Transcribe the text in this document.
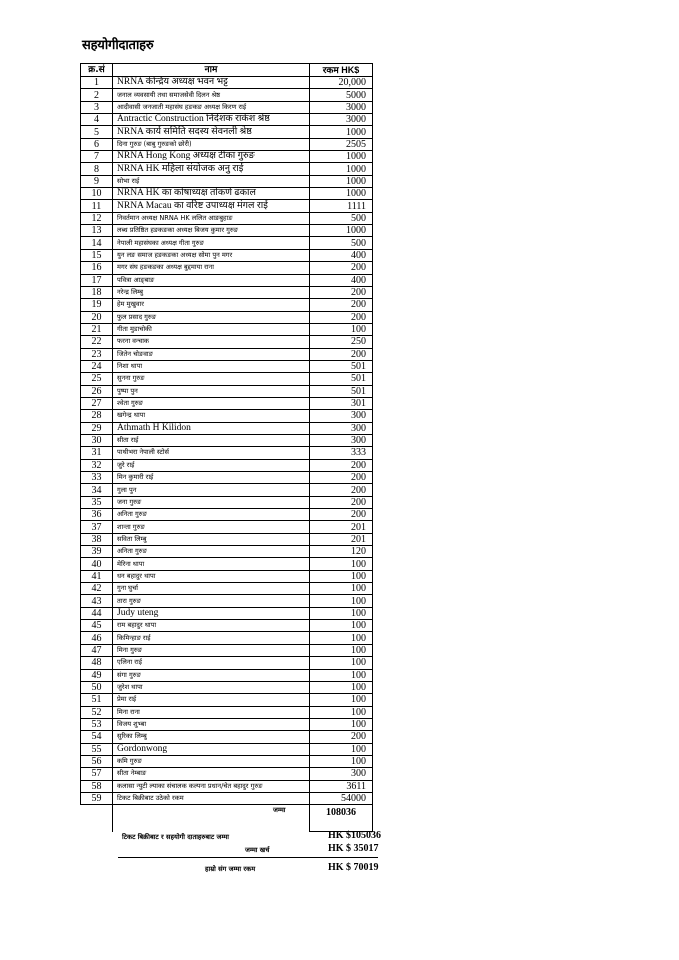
सहयोगीदाताहरु
क्र.सं	नाम	रकम HK$
1	NRNA केन्द्रिय अध्यक्ष भवन भट्ट	20,000
2	जनाल व्यवसायी तथा समाजसेवी दिलन श्रेष्ठ	5000
3	आदीवासी जनजाती महासंघ हङकङ अध्यक्ष किरण राई	3000
4	Antractic Construction निर्देशक राकेश श्रेष्ठ	3000
5	NRNA कार्य समिति सदस्य सेवनली श्रेष्ठ	1000
6	दिना गुरुङ (बाबु गुरुङको छोरी)	2505
7	NRNA Hong Kong अध्यक्ष टीका गुरुङ	1000
8	NRNA HK महिला संयोजक अनु राई	1000
9	सोभा राई	1000
10	NRNA HK का कोषाध्यक्ष तोकर्ण ढकाल	1000
11	NRNA Macau का वरिष्ट उपाध्यक्ष मंगल राई	1111
12	निवर्तमान अध्यक्ष NRNA HK ललित आङबुहाङ	500
13	लब्ध प्रतिष्ठित हङकङका अध्यक्ष बिजय कुमार गुरुङ	1000
14	नेपाली महासंघका अध्यक्ष गीता गुरुङ	500
15	युन लङ समाज हङकङका अध्यक्ष सोमा पुन मगर	400
16	मगर संघ हङकङका अध्यक्ष बुद्दमाया राना	200
17	पवित्रा आङ्बाङ	400
18	नरेन्द्र लिम्बु	200
19	हेम मुखुवार	200
20	फुल प्रसाद गुरुङ	200
21	गीता मुडाचोकी	100
22	फरना वन्चाक	250
23	जितेन चोङवाङ	200
24	निशा थापा	501
25	सुनना गुरुङ	501
26	पुष्पा पुन	501
27	श्वेता गुरुङ	301
28	खगेन्द्र थापा	300
29	Athmath H Kilidon	300
30	सीता राई	300
31	पाथीभरा नेपाली स्टोर्स	333
32	जुरे राई	200
33	मिन कुमारी राई	200
34	गुला पुन	200
35	जना गुरुङ	200
36	अनिता गुरुङ	200
37	शान्ता गुरुङ	201
38	सविता लिम्बु	201
39	अनिता गुरुङ	120
40	मेरिना थापा	100
41	धन बहादुर थापा	100
42	गुना घुर्चा	100
43	तारा गुरुङ	100
44	Judy uteng	100
45	राम बहादुर थापा	100
46	किमिन्हाङ राई	100
47	मिना गुरुङ	100
48	एलिना राई	100
49	संगा गुरुङ	100
50	जुरेश थापा	100
51	प्रेमा राई	100
52	मिना राना	100
53	विजय शुभ्बा	100
54	सुरिका लिम्बु	200
55	Gordonwong	100
56	कमि गुरुङ	100
57	सीता नेम्बाङ	300
58	कलासा न्युटी ल्याका संचालक कल्पना प्रधान/चेत बहादुर गुरुङ	3611
59	टिकट बिक्रीबाट उठेको रकम	54000
	जम्मा	108036
टिकट बिक्रीबाट र सहयोगी दाताहरुबाट जम्मा	HK $105036
जम्मा खर्च	HK $ 35017
हाम्रो संग जम्मा रकम	HK $ 70019
